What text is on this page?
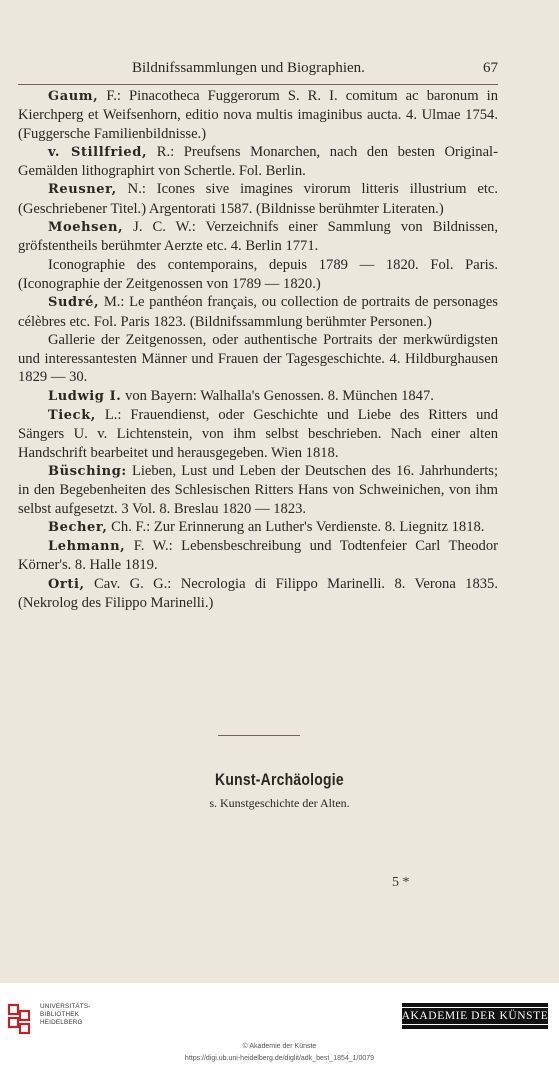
Bildnifssammlungen und Biographien.	67

Gaum, F.: Pinacotheca Fuggerorum S. R. I. comitum ac baronum in Kierchperg et Weifsenhorn, editio nova multis imaginibus aucta. 4. Ulmae 1754. (Fuggersche Familienbildnisse.)

v. Stillfried, R.: Preufsens Monarchen, nach den besten Original-Gemälden lithographirt von Schertle. Fol. Berlin.

Reusner, N.: Icones sive imagines virorum litteris illustrium etc. (Geschriebener Titel.) Argentorati 1587. (Bildnisse berühmter Literaten.)

Moehsen, J. C. W.: Verzeichnifs einer Sammlung von Bildnissen, gröfstentheils berühmter Aerzte etc. 4. Berlin 1771.

Iconographie des contemporains, depuis 1789 — 1820. Fol. Paris. (Iconographie der Zeitgenossen von 1789 — 1820.)

Sudré, M.: Le panthéon français, ou collection de portraits de personages célèbres etc. Fol. Paris 1823. (Bildnifssammlung berühmter Personen.)

Gallerie der Zeitgenossen, oder authentische Portraits der merkwürdigsten und interessantesten Männer und Frauen der Tagesgeschichte. 4. Hildburghausen 1829 — 30.

Ludwig I. von Bayern: Walhalla's Genossen. 8. München 1847.

Tieck, L.: Frauendienst, oder Geschichte und Liebe des Ritters und Sängers U. v. Lichtenstein, von ihm selbst beschrieben. Nach einer alten Handschrift bearbeitet und herausgegeben. Wien 1818.

Büsching: Lieben, Lust und Leben der Deutschen des 16. Jahrhunderts; in den Begebenheiten des Schlesischen Ritters Hans von Schweinichen, von ihm selbst aufgesetzt. 3 Vol. 8. Breslau 1820 — 1823.

Becher, Ch. F.: Zur Erinnerung an Luther's Verdienste. 8. Liegnitz 1818.

Lehmann, F. W.: Lebensbeschreibung und Todtenfeier Carl Theodor Körner's. 8. Halle 1819.

Orti, Cav. G. G.: Necrologia di Filippo Marinelli. 8. Verona 1835. (Nekrolog des Filippo Marinelli.)

Kunst-Archäologie
s. Kunstgeschichte der Alten.
5 *
UNIVERSITÄTS-
BIBLIOTHEK
HEIDELBERG
AKADEMIE DER KÜNSTE
© Akademie der Künste
https://digi.ub.uni-heidelberg.de/diglit/adk_best_1854_1/0079
